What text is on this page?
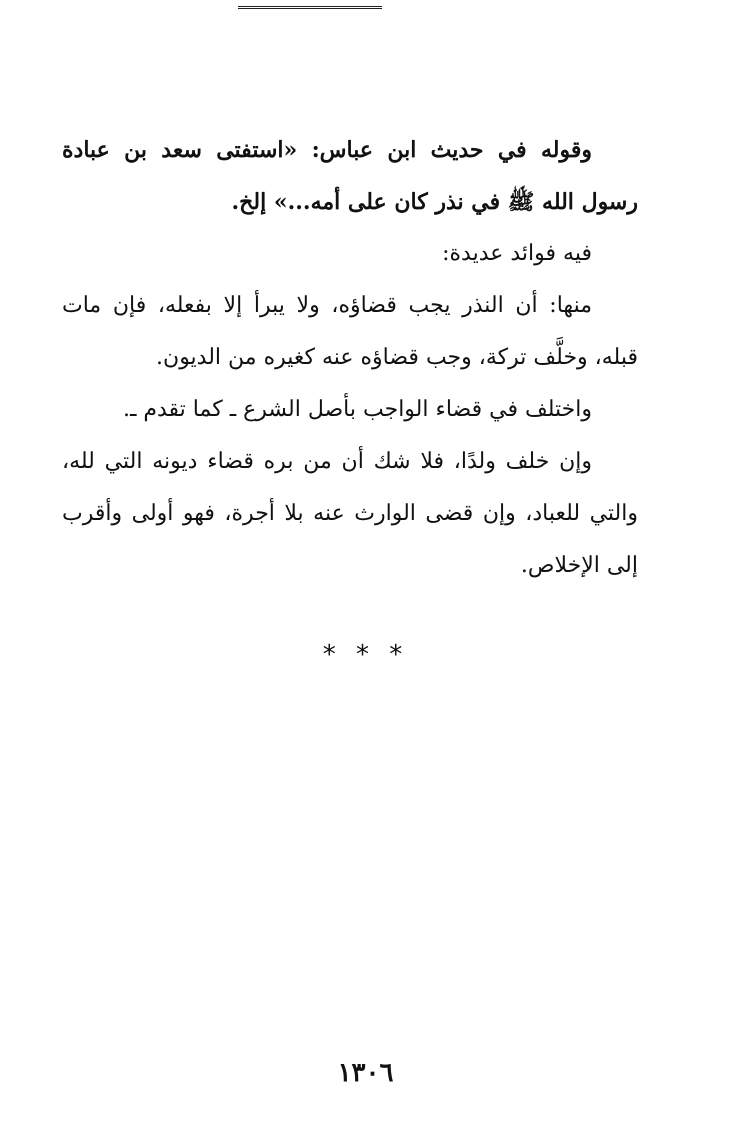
وقوله في حديث ابن عباس: «استفتى سعد بن عبادة رسول الله ﷺ في نذر كان على أمه...» إلخ.

فيه فوائد عديدة:

منها: أن النذر يجب قضاؤه، ولا يبرأ إلا بفعله، فإن مات قبله، وخلَّف تركة، وجب قضاؤه عنه كغيره من الديون.

واختلف في قضاء الواجب بأصل الشرع ـ كما تقدم ـ.

وإن خلف ولدًا، فلا شك أن من بره قضاء ديونه التي لله، والتي للعباد، وإن قضى الوارث عنه بلا أجرة، فهو أولى وأقرب إلى الإخلاص.

* * *
١٣٠٦
